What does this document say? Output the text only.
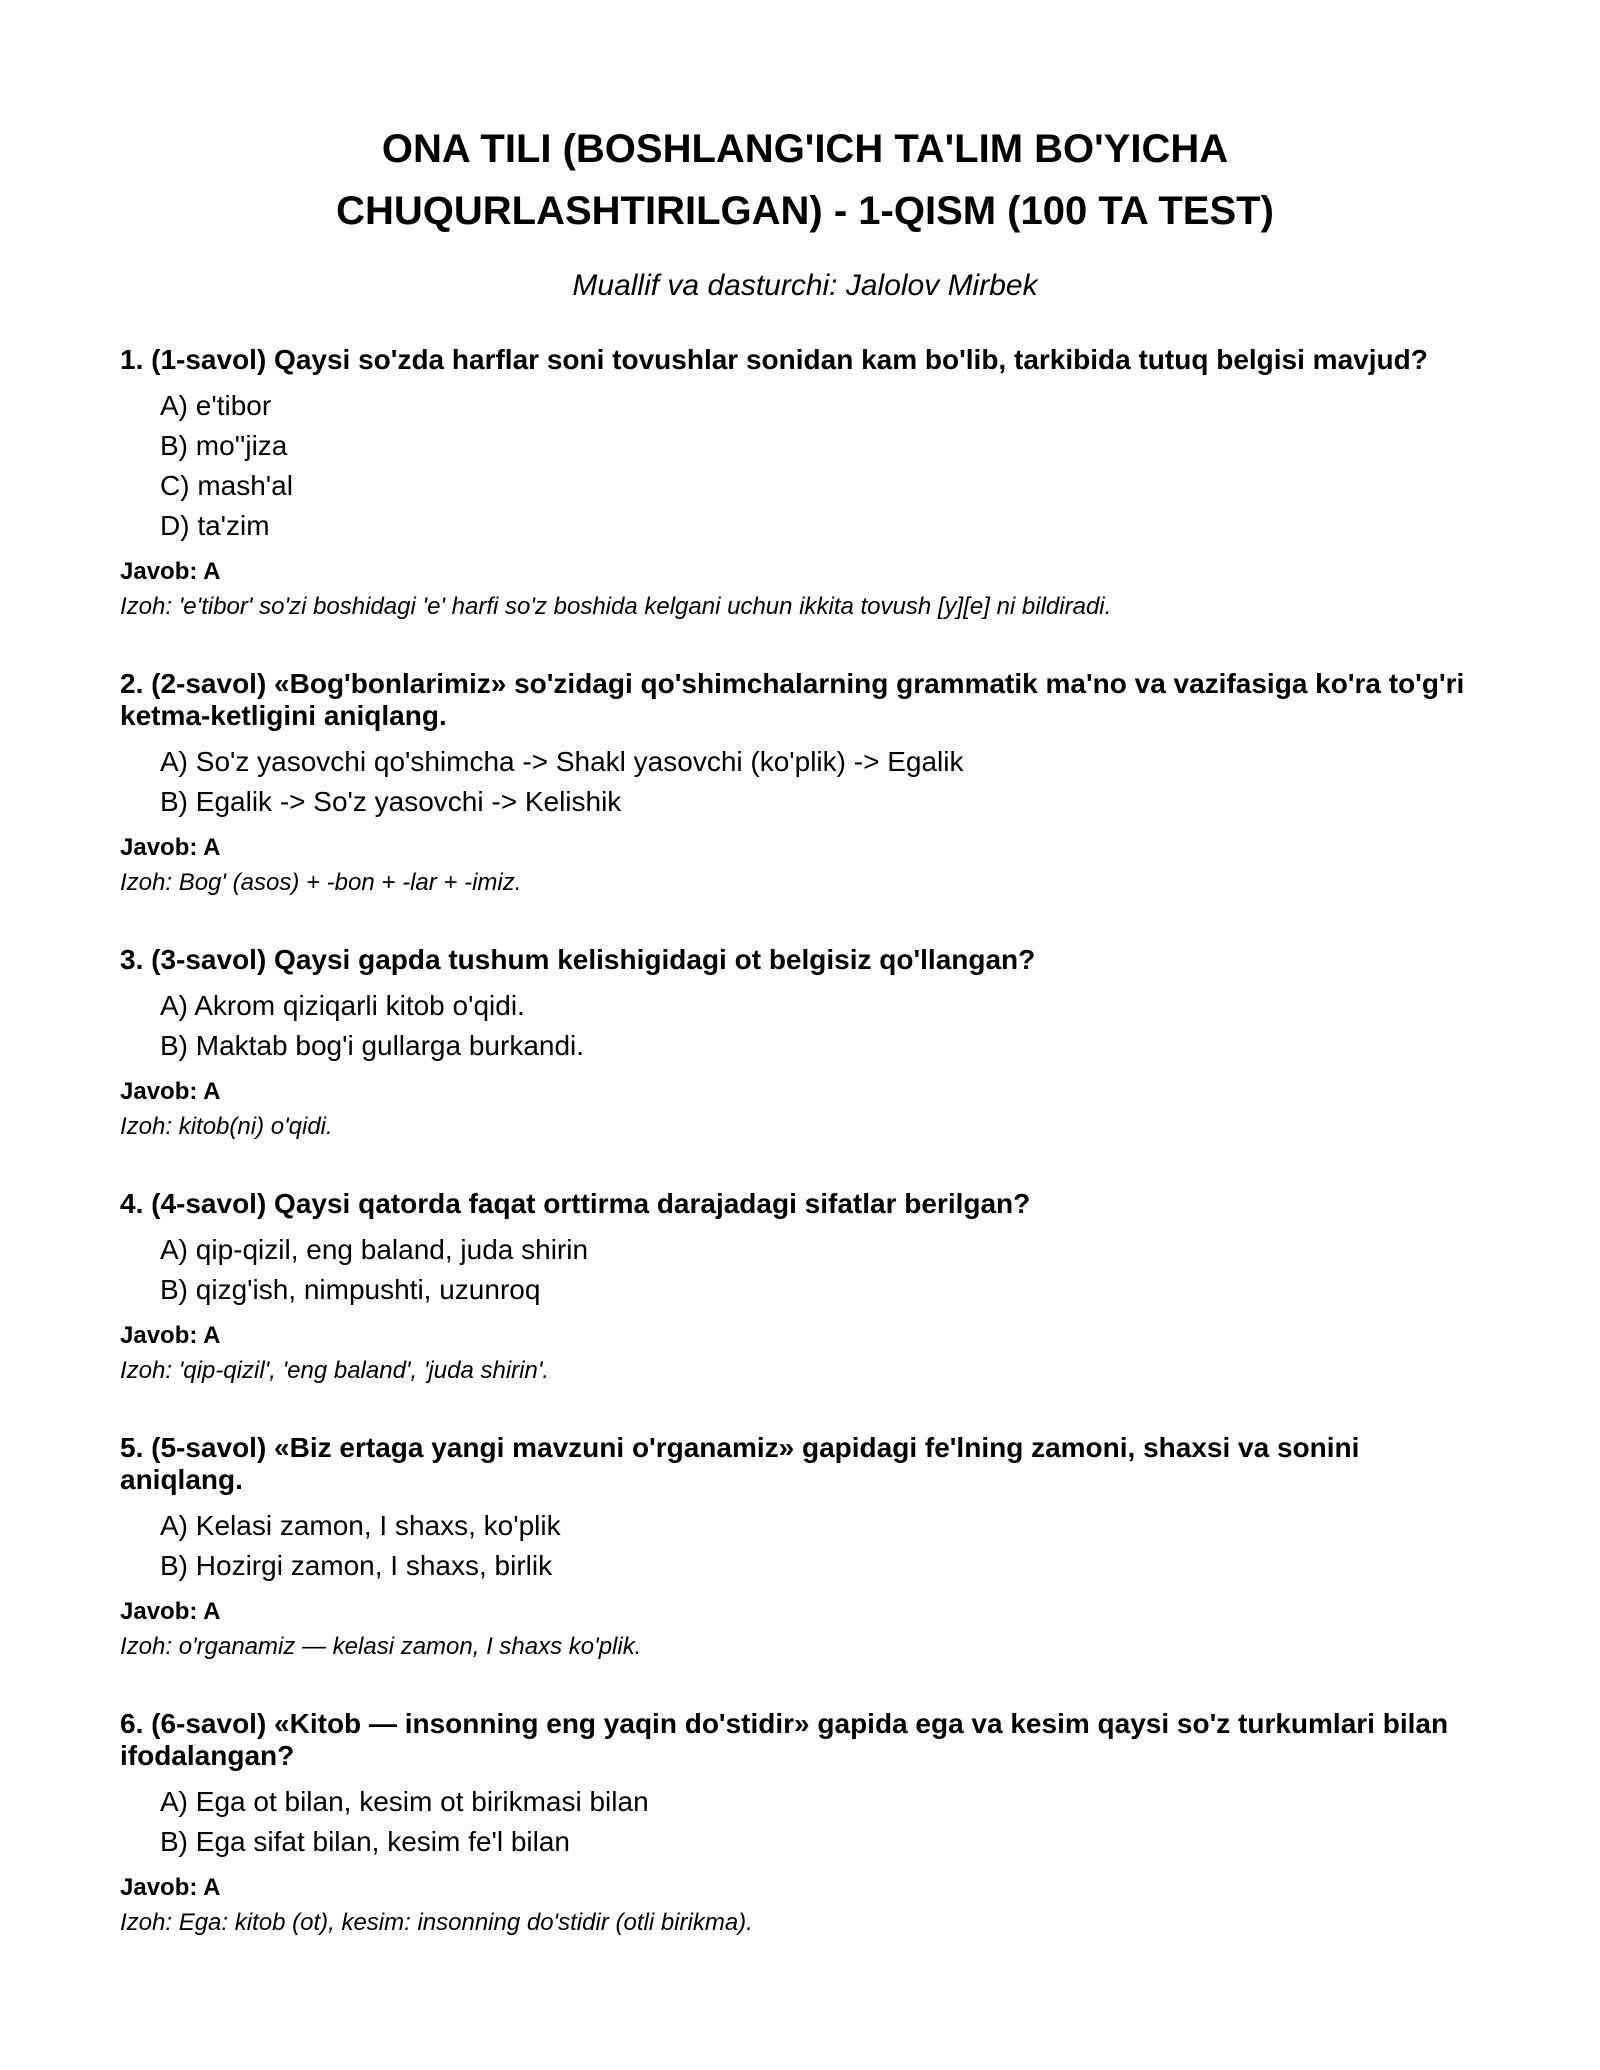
ONA TILI (BOSHLANG'ICH TA'LIM BO'YICHA
CHUQURLASHTIRILGAN) - 1-QISM (100 TA TEST)
Muallif va dasturchi: Jalolov Mirbek
1. (1-savol) Qaysi so'zda harflar soni tovushlar sonidan kam bo'lib, tarkibida tutuq belgisi mavjud?
A) e'tibor
B) mo''jiza
C) mash'al
D) ta'zim
Javob: A
Izoh: 'e'tibor' so'zi boshidagi 'e' harfi so'z boshida kelgani uchun ikkita tovush [y][e] ni bildiradi.
2. (2-savol) «Bog'bonlarimiz» so'zidagi qo'shimchalarning grammatik ma'no va vazifasiga ko'ra to'g'ri ketma-ketligini aniqlang.
A) So'z yasovchi qo'shimcha -> Shakl yasovchi (ko'plik) -> Egalik
B) Egalik -> So'z yasovchi -> Kelishik
Javob: A
Izoh: Bog' (asos) + -bon + -lar + -imiz.
3. (3-savol) Qaysi gapda tushum kelishigidagi ot belgisiz qo'llangan?
A) Akrom qiziqarli kitob o'qidi.
B) Maktab bog'i gullarga burkandi.
Javob: A
Izoh: kitob(ni) o'qidi.
4. (4-savol) Qaysi qatorda faqat orttirma darajadagi sifatlar berilgan?
A) qip-qizil, eng baland, juda shirin
B) qizg'ish, nimpushti, uzunroq
Javob: A
Izoh: 'qip-qizil', 'eng baland', 'juda shirin'.
5. (5-savol) «Biz ertaga yangi mavzuni o'rganamiz» gapidagi fe'lning zamoni, shaxsi va sonini aniqlang.
A) Kelasi zamon, I shaxs, ko'plik
B) Hozirgi zamon, I shaxs, birlik
Javob: A
Izoh: o'rganamiz — kelasi zamon, I shaxs ko'plik.
6. (6-savol) «Kitob — insonning eng yaqin do'stidir» gapida ega va kesim qaysi so'z turkumlari bilan ifodalangan?
A) Ega ot bilan, kesim ot birikmasi bilan
B) Ega sifat bilan, kesim fe'l bilan
Javob: A
Izoh: Ega: kitob (ot), kesim: insonning do'stidir (otli birikma).
